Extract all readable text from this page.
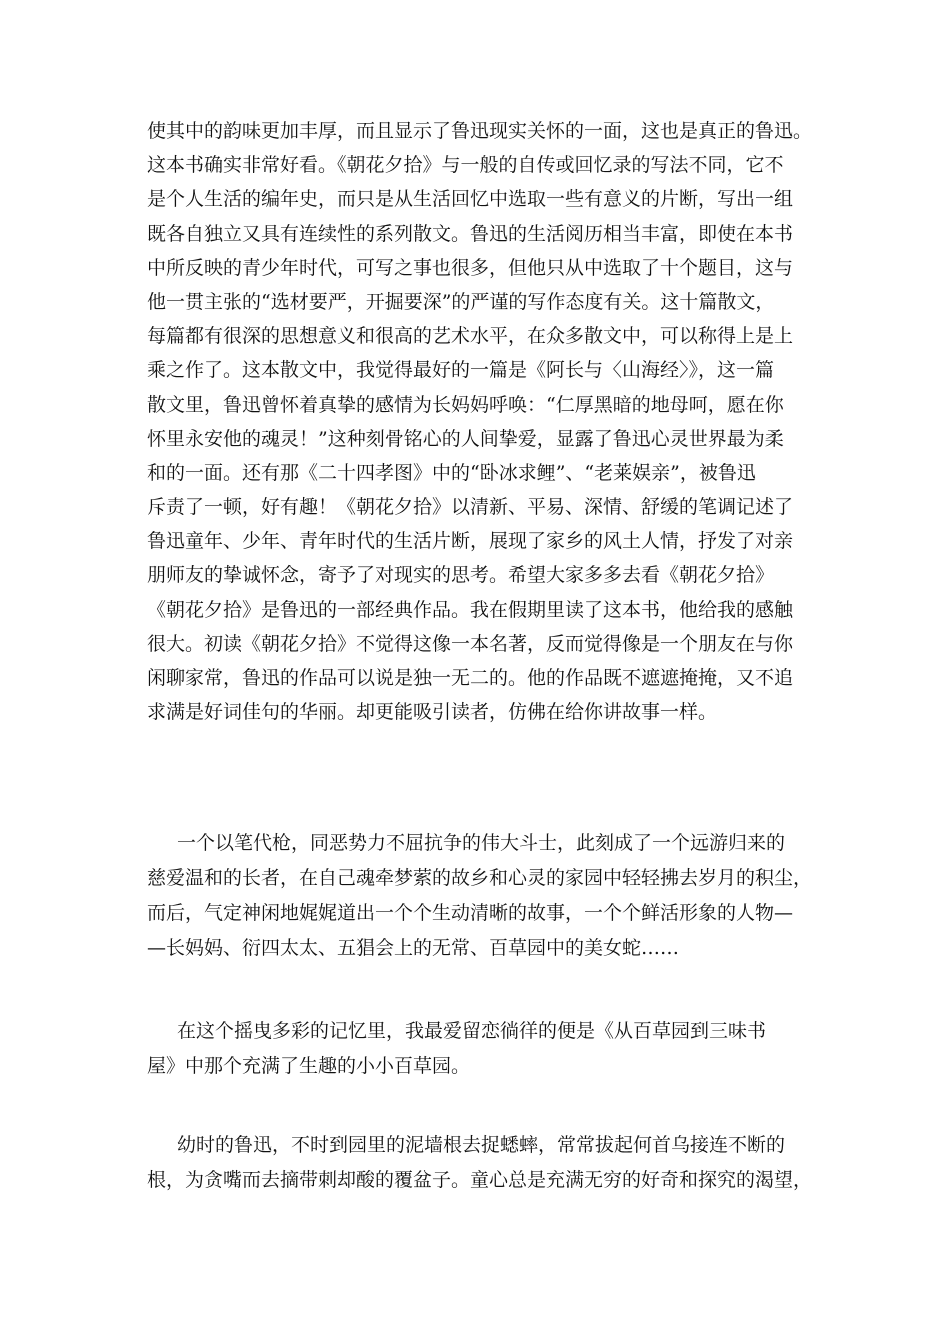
使其中的韵味更加丰厚，而且显示了鲁迅现实关怀的一面，这也是真正的鲁迅。
这本书确实非常好看。《朝花夕拾》与一般的自传或回忆录的写法不同，它不
是个人生活的编年史，而只是从生活回忆中选取一些有意义的片断，写出一组
既各自独立又具有连续性的系列散文。鲁迅的生活阅历相当丰富，即使在本书
中所反映的青少年时代，可写之事也很多，但他只从中选取了十个题目，这与
他一贯主张的“选材要严，开掘要深”的严谨的写作态度有关。这十篇散文，
每篇都有很深的思想意义和很高的艺术水平，在众多散文中，可以称得上是上
乘之作了。这本散文中，我觉得最好的一篇是《阿长与〈山海经〉》，这一篇
散文里，鲁迅曾怀着真挚的感情为长妈妈呼唤：“仁厚黑暗的地母呵，愿在你
怀里永安他的魂灵！”这种刻骨铭心的人间挚爱，显露了鲁迅心灵世界最为柔
和的一面。还有那《二十四孝图》中的“卧冰求鲤”、“老莱娱亲”，被鲁迅
斥责了一顿，好有趣！《朝花夕拾》以清新、平易、深情、舒缓的笔调记述了
鲁迅童年、少年、青年时代的生活片断，展现了家乡的风土人情，抒发了对亲
朋师友的挚诚怀念，寄予了对现实的思考。希望大家多多去看《朝花夕拾》
《朝花夕拾》是鲁迅的一部经典作品。我在假期里读了这本书，他给我的感触
很大。初读《朝花夕拾》不觉得这像一本名著，反而觉得像是一个朋友在与你
闲聊家常，鲁迅的作品可以说是独一无二的。他的作品既不遮遮掩掩，又不追
求满是好词佳句的华丽。却更能吸引读者，仿佛在给你讲故事一样。
一个以笔代枪，同恶势力不屈抗争的伟大斗士，此刻成了一个远游归来的
慈爱温和的长者，在自己魂牵梦萦的故乡和心灵的家园中轻轻拂去岁月的积尘，
而后，气定神闲地娓娓道出一个个生动清晰的故事，一个个鲜活形象的人物—
—长妈妈、衍四太太、五猖会上的无常、百草园中的美女蛇……
在这个摇曳多彩的记忆里，我最爱留恋徜徉的便是《从百草园到三味书
屋》中那个充满了生趣的小小百草园。
幼时的鲁迅，不时到园里的泥墙根去捉蟋蟀，常常拔起何首乌接连不断的
根，为贪嘴而去摘带刺却酸的覆盆子。童心总是充满无穷的好奇和探究的渴望，
